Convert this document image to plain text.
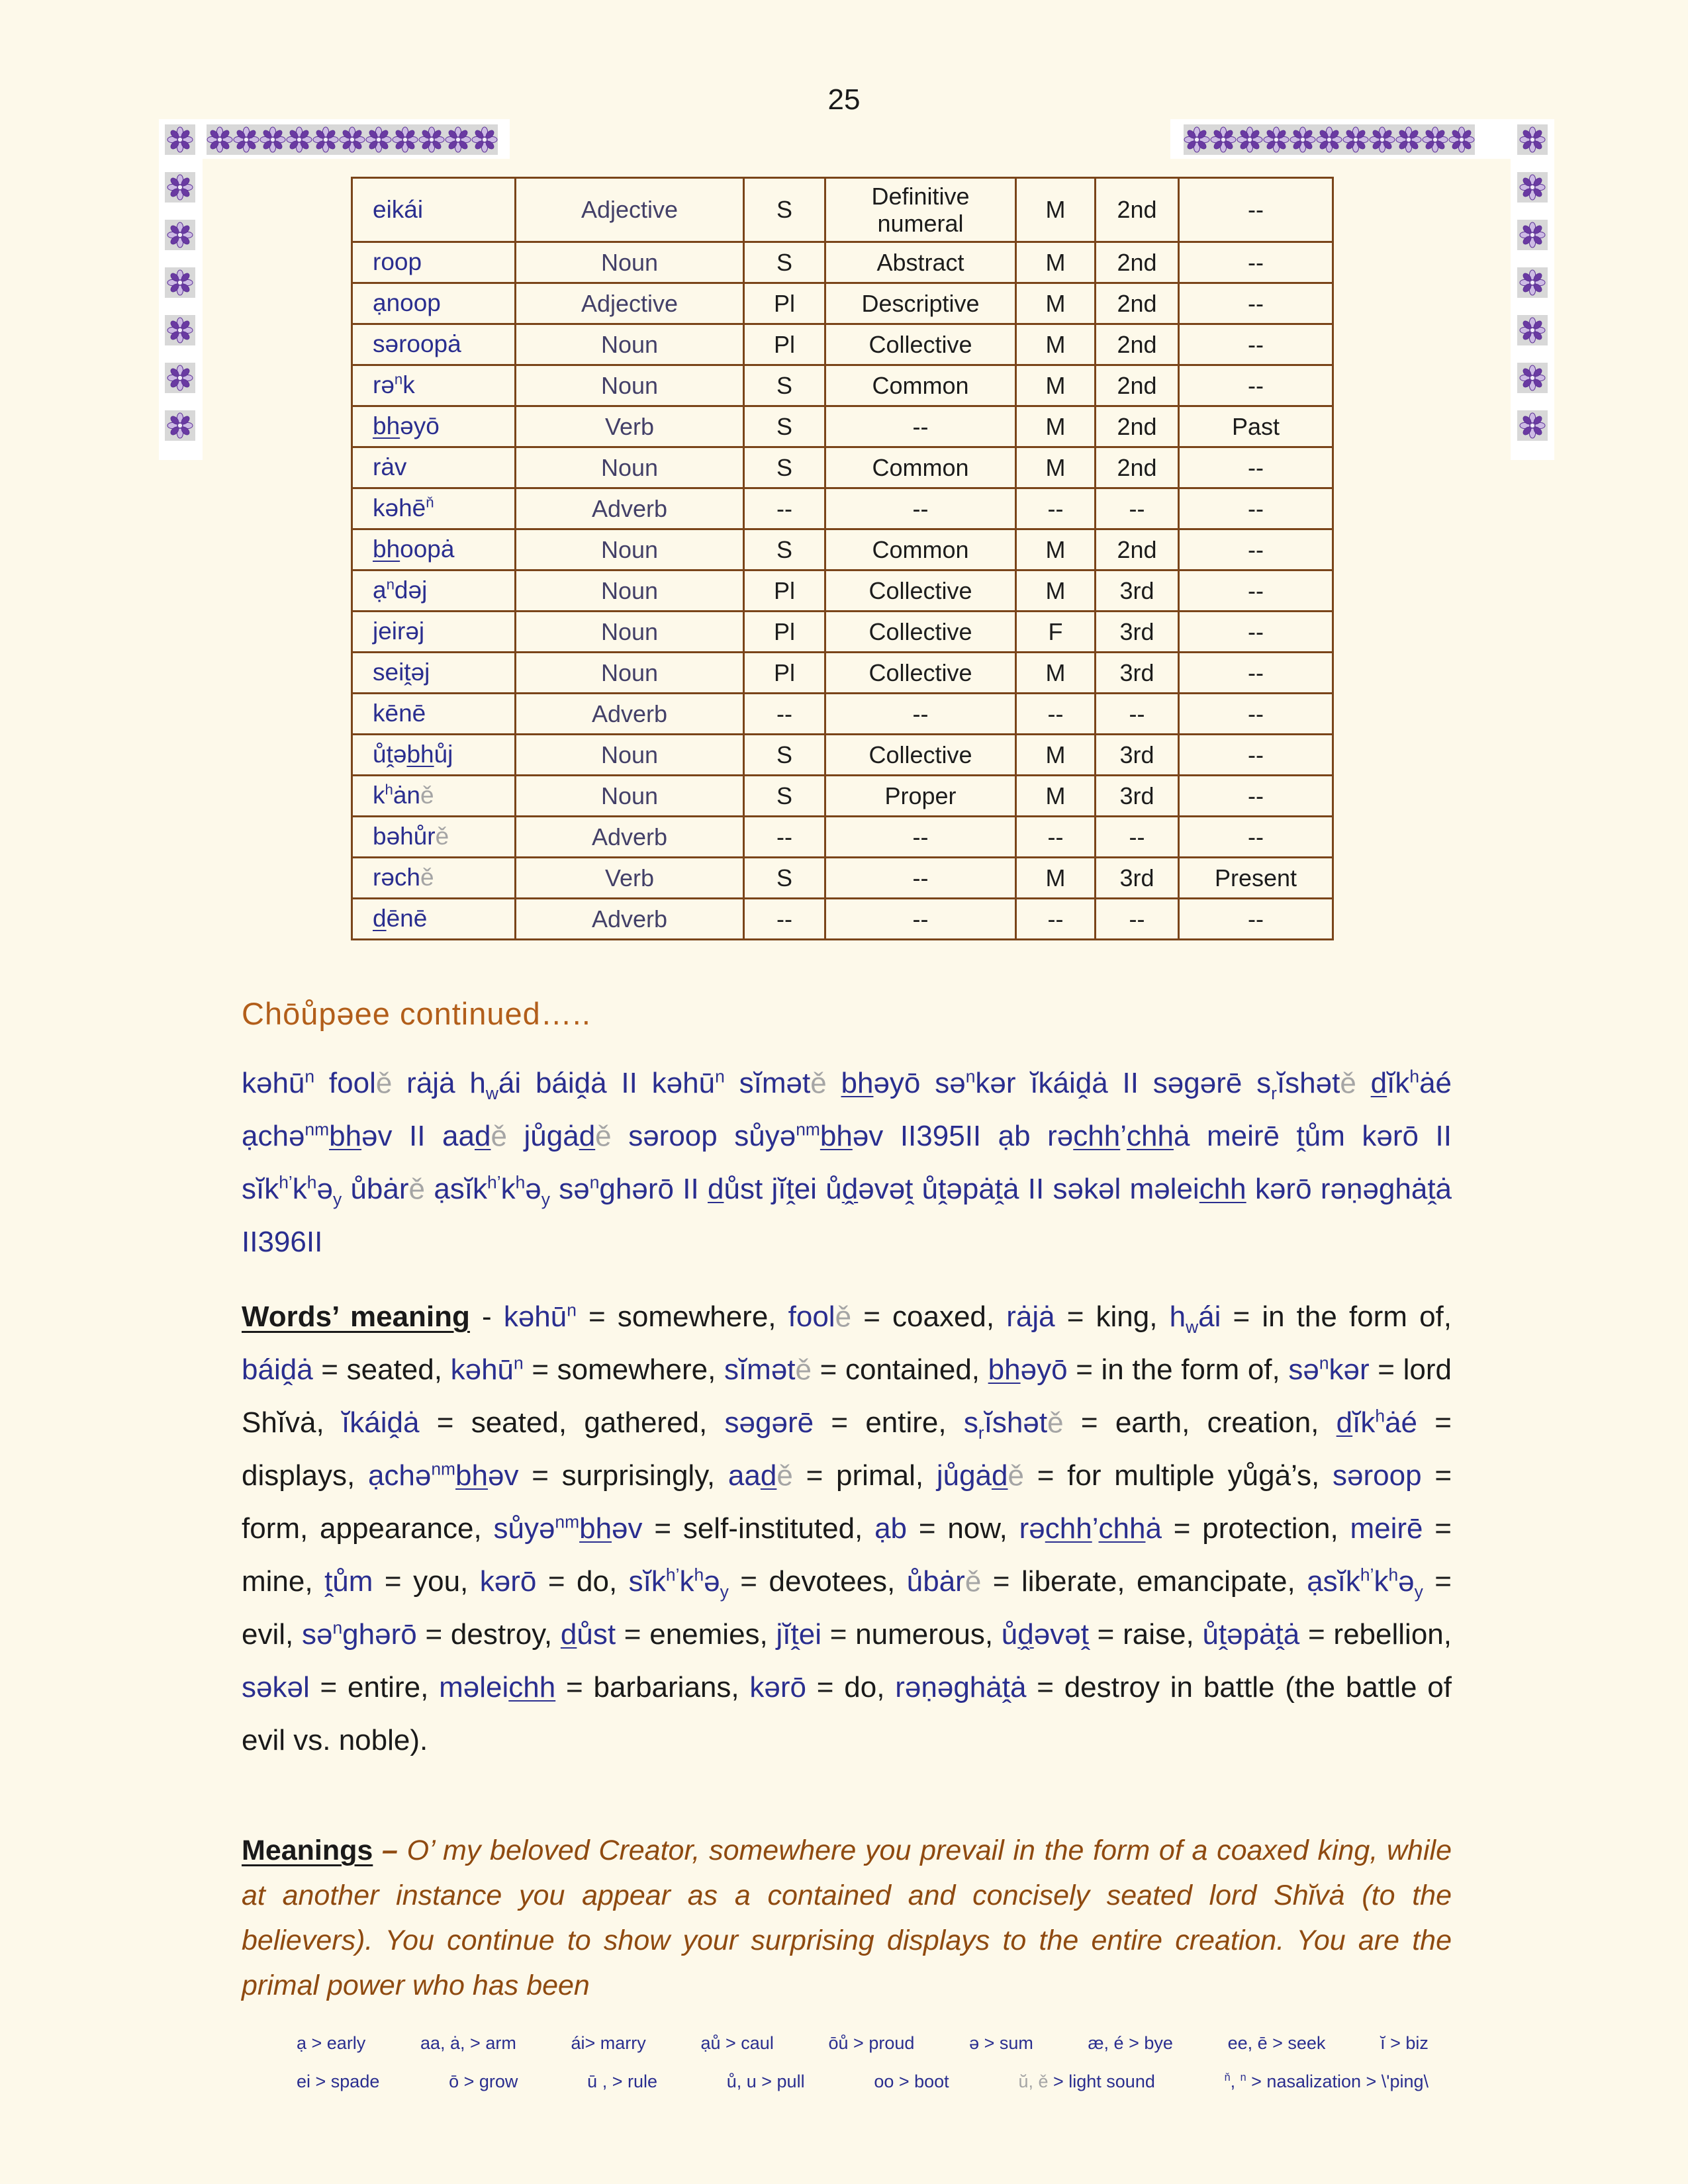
25
eikái	Adjective	S	Definitive numeral	M	2nd	--
roop	Noun	S	Abstract	M	2nd	--
ạnoop	Adjective	Pl	Descriptive	M	2nd	--
səroopȧ	Noun	Pl	Collective	M	2nd	--
rə$^n$k	Noun	S	Common	M	2nd	--
bhəyō	Verb	S	--	M	2nd	Past
rȧv	Noun	S	Common	M	2nd	--
kəhē$^ň$	Adverb	--	--	--	--	--
bhoopȧ	Noun	S	Common	M	2nd	--
ạ$^n$dəj	Noun	Pl	Collective	M	3rd	--
jeirəj	Noun	Pl	Collective	F	3rd	--
seiṱəj	Noun	Pl	Collective	M	3rd	--
kēnē	Adverb	--	--	--	--	--
ůṱəbhůj	Noun	S	Collective	M	3rd	--
$k^hȧně$	Noun	S	Proper	M	3rd	--
bəhůrě	Adverb	--	--	--	--	--
rəchě	Verb	S	--	M	3rd	Present
dēnē	Adverb	--	--	--	--	--
Chōůpəee continued…..

kəhū$^n$ foolě rȧjȧ $h_wái$ báiḓȧ II kəhū$^n$ sĭmətě bhəyō sə$^n$kər ĭkáiḓȧ II səgərē $s_rĭshətě$ dĭk$^h$ȧé ạchə$^{nm}$bhəv II aadě jůgȧdě səroop sůyə$^{nm}$bhəv II395II ạb rəchh’chhȧ meirē ṱům kərō II $sĭk^{h’}k^hə_y$ ůbȧrě $ạsĭk^{h’}k^hə_y$ sə$^n$ghərō II důst jĭṱei ůḓəvəṱ ůṱəpȧṱȧ II səkəl məleichh kərō rəṇəghȧṱȧ II396II

Words’ meaning - kəhū$^n$ = somewhere, foolě = coaxed, rȧjȧ = king, $h_wái$ = in the form of, báiḓȧ = seated, kəhū$^n$ = somewhere, sĭmətě = contained, bhəyō = in the form of, sə$^n$kər = lord Shĭvȧ, ĭkáiḓȧ = seated, gathered, səgərē = entire, $s_rĭshətě$ = earth, creation, dĭk$^h$ȧé = displays, ạchə$^{nm}$bhəv = surprisingly, aadě = primal, jůgȧdě = for multiple yůgȧ’s, səroop = form, appearance, sůyə$^{nm}$bhəv = self-instituted, ạb = now, rəchh’chhȧ = protection, meirē = mine, ṱům = you, kərō = do, $sĭk^{h’}k^hə_y$ = devotees, ůbȧrě = liberate, emancipate, $ạsĭk^{h’}k^hə_y$ = evil, sə$^n$ghərō = destroy, důst = enemies, jĭṱei = numerous, ůḓəvəṱ = raise, ůṱəpȧṱȧ = rebellion, səkəl = entire, məleichh = barbarians, kərō = do, rəṇəghȧṱȧ = destroy in battle (the battle of evil vs. noble).

Meanings – O’ my beloved Creator, somewhere you prevail in the form of a coaxed king, while at another instance you appear as a contained and concisely seated lord Shĭvȧ (to the believers). You continue to show your surprising displays to the entire creation. You are the primal power who has been

ạ > early	aa, ȧ, > arm	ái> marry	ạů > caul	ōů > proud	ə > sum	æ, é > bye	ee, ē > seek	ĭ > biz
ei > spade	ō > grow	ū , > rule	ů, u > pull	oo > boot	ŭ, ě > light sound	$^ň$, $^n$ > nasalization > \'ping\
